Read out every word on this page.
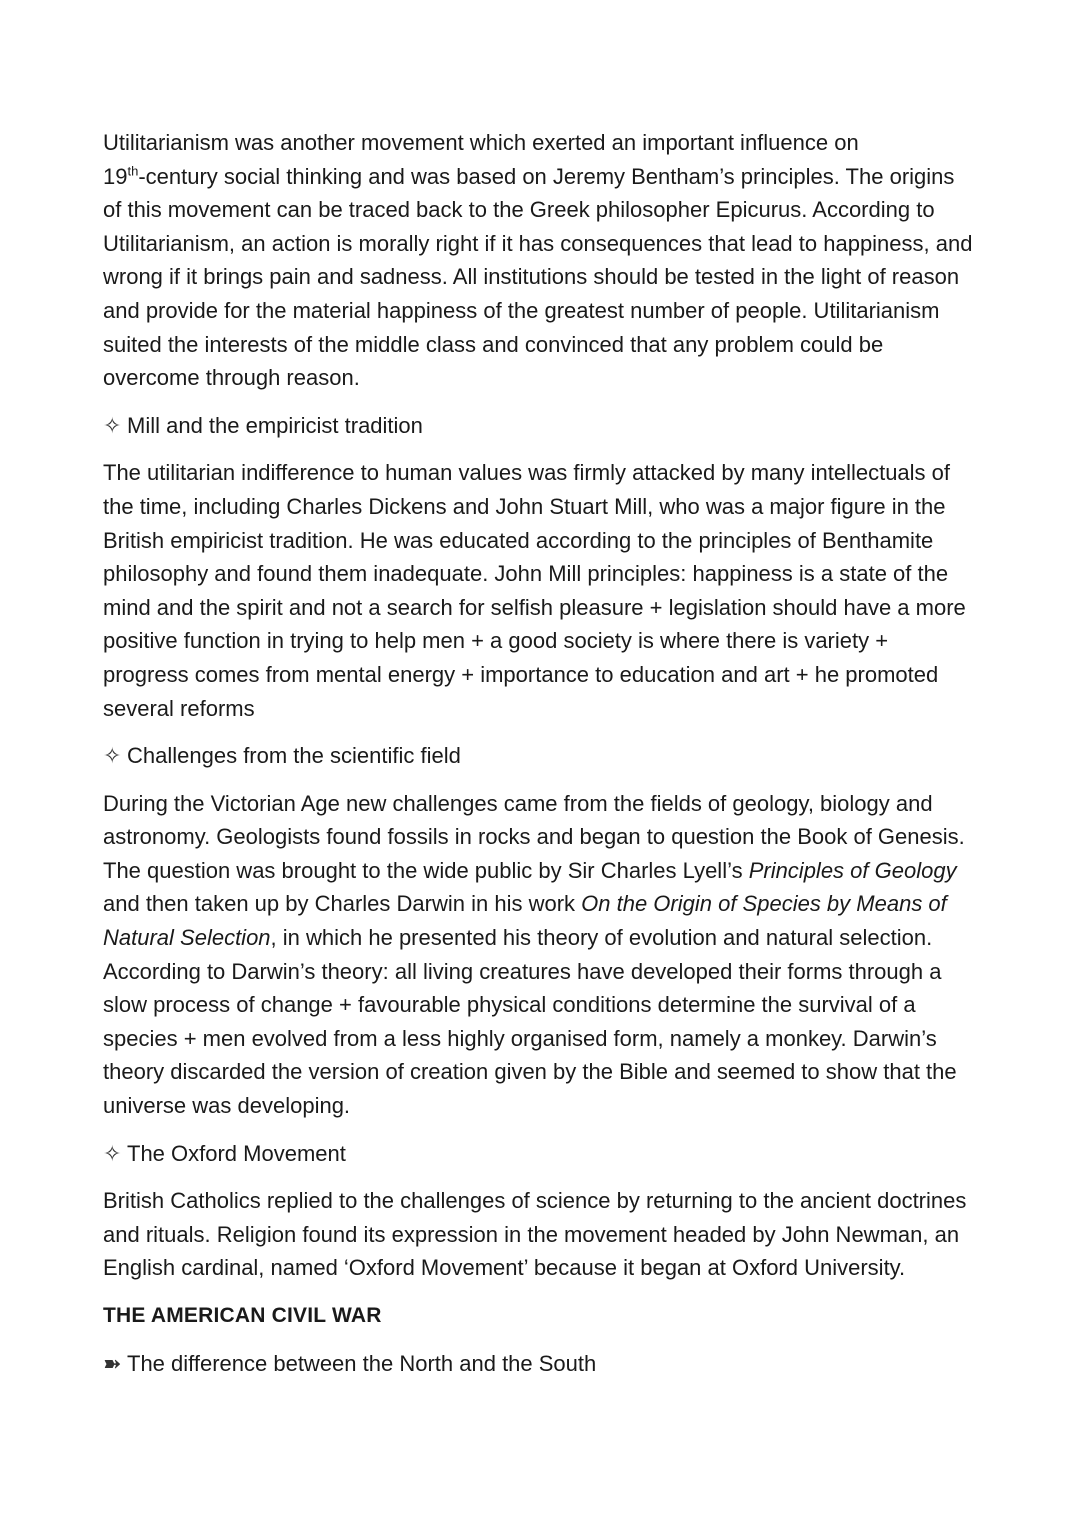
Utilitarianism was another movement which exerted an important influence on
19th-century social thinking and was based on Jeremy Bentham’s principles. The origins of this movement can be traced back to the Greek philosopher Epicurus. According to Utilitarianism, an action is morally right if it has consequences that lead to happiness, and wrong if it brings pain and sadness. All institutions should be tested in the light of reason and provide for the material happiness of the greatest number of people. Utilitarianism suited the interests of the middle class and convinced that any problem could be overcome through reason.

✧ Mill and the empiricist tradition

The utilitarian indifference to human values was firmly attacked by many intellectuals of the time, including Charles Dickens and John Stuart Mill, who was a major figure in the British empiricist tradition. He was educated according to the principles of Benthamite philosophy and found them inadequate. John Mill principles: happiness is a state of the mind and the spirit and not a search for selfish pleasure + legislation should have a more positive function in trying to help men + a good society is where there is variety + progress comes from mental energy + importance to education and art + he promoted several reforms

✧ Challenges from the scientific field

During the Victorian Age new challenges came from the fields of geology, biology and astronomy. Geologists found fossils in rocks and began to question the Book of Genesis. The question was brought to the wide public by Sir Charles Lyell’s Principles of Geology and then taken up by Charles Darwin in his work On the Origin of Species by Means of Natural Selection, in which he presented his theory of evolution and natural selection. According to Darwin’s theory: all living creatures have developed their forms through a slow process of change + favourable physical conditions determine the survival of a species + men evolved from a less highly organised form, namely a monkey. Darwin’s theory discarded the version of creation given by the Bible and seemed to show that the universe was developing.

✧ The Oxford Movement

British Catholics replied to the challenges of science by returning to the ancient doctrines and rituals. Religion found its expression in the movement headed by John Newman, an English cardinal, named ‘Oxford Movement’ because it began at Oxford University.

THE AMERICAN CIVIL WAR

➽ The difference between the North and the South
